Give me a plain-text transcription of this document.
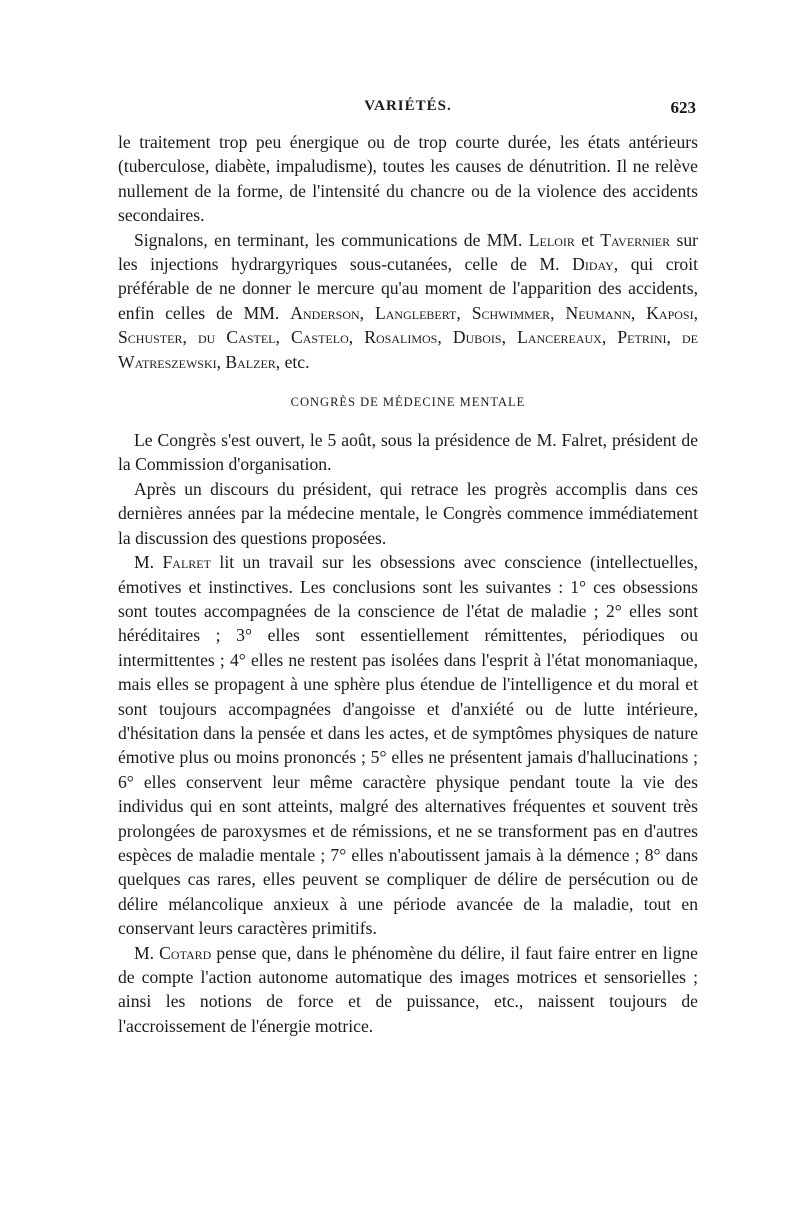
VARIÉTÉS.	623

le traitement trop peu énergique ou de trop courte durée, les états antérieurs (tuberculose, diabète, impaludisme), toutes les causes de dénutrition. Il ne relève nullement de la forme, de l'intensité du chancre ou de la violence des accidents secondaires.

Signalons, en terminant, les communications de MM. Leloir et Tavernier sur les injections hydrargyriques sous-cutanées, celle de M. Diday, qui croit préférable de ne donner le mercure qu'au moment de l'apparition des accidents, enfin celles de MM. Anderson, Langlebert, Schwimmer, Neumann, Kaposi, Schuster, du Castel, Castelo, Rosalimos, Dubois, Lancereaux, Petrini, de Watreszewski, Balzer, etc.

CONGRÈS DE MÉDECINE MENTALE

Le Congrès s'est ouvert, le 5 août, sous la présidence de M. Falret, président de la Commission d'organisation.

Après un discours du président, qui retrace les progrès accomplis dans ces dernières années par la médecine mentale, le Congrès commence immédiatement la discussion des questions proposées.

M. Falret lit un travail sur les obsessions avec conscience (intellectuelles, émotives et instinctives. Les conclusions sont les suivantes : 1° ces obsessions sont toutes accompagnées de la conscience de l'état de maladie ; 2° elles sont héréditaires ; 3° elles sont essentiellement rémittentes, périodiques ou intermittentes ; 4° elles ne restent pas isolées dans l'esprit à l'état monomaniaque, mais elles se propagent à une sphère plus étendue de l'intelligence et du moral et sont toujours accompagnées d'angoisse et d'anxiété ou de lutte intérieure, d'hésitation dans la pensée et dans les actes, et de symptômes physiques de nature émotive plus ou moins prononcés ; 5° elles ne présentent jamais d'hallucinations ; 6° elles conservent leur même caractère physique pendant toute la vie des individus qui en sont atteints, malgré des alternatives fréquentes et souvent très prolongées de paroxysmes et de rémissions, et ne se transforment pas en d'autres espèces de maladie mentale ; 7° elles n'aboutissent jamais à la démence ; 8° dans quelques cas rares, elles peuvent se compliquer de délire de persécution ou de délire mélancolique anxieux à une période avancée de la maladie, tout en conservant leurs caractères primitifs.

M. Cotard pense que, dans le phénomène du délire, il faut faire entrer en ligne de compte l'action autonome automatique des images motrices et sensorielles ; ainsi les notions de force et de puissance, etc., naissent toujours de l'accroissement de l'énergie motrice.
